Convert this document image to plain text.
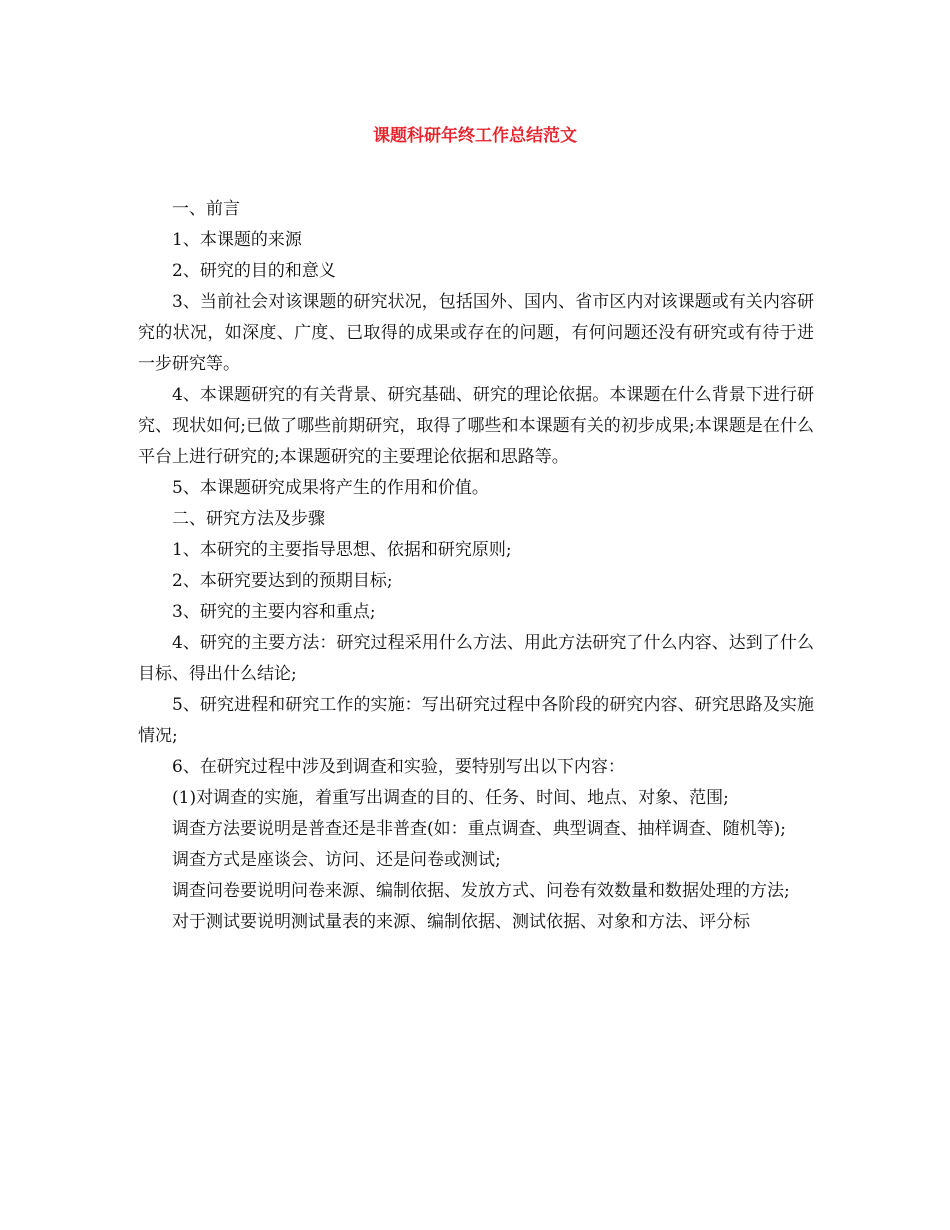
课题科研年终工作总结范文

一、前言

1、本课题的来源

2、研究的目的和意义

3、当前社会对该课题的研究状况，包括国外、国内、省市区内对该课题或有关内容研究的状况，如深度、广度、已取得的成果或存在的问题，有何问题还没有研究或有待于进一步研究等。

4、本课题研究的有关背景、研究基础、研究的理论依据。本课题在什么背景下进行研究、现状如何;已做了哪些前期研究，取得了哪些和本课题有关的初步成果;本课题是在什么平台上进行研究的;本课题研究的主要理论依据和思路等。

5、本课题研究成果将产生的作用和价值。

二、研究方法及步骤

1、本研究的主要指导思想、依据和研究原则;

2、本研究要达到的预期目标;

3、研究的主要内容和重点;

4、研究的主要方法：研究过程采用什么方法、用此方法研究了什么内容、达到了什么目标、得出什么结论;

5、研究进程和研究工作的实施：写出研究过程中各阶段的研究内容、研究思路及实施情况;

6、在研究过程中涉及到调查和实验，要特别写出以下内容：

(1)对调查的实施，着重写出调查的目的、任务、时间、地点、对象、范围;

调查方法要说明是普查还是非普查(如：重点调查、典型调查、抽样调查、随机等);

调查方式是座谈会、访问、还是问卷或测试;

调查问卷要说明问卷来源、编制依据、发放方式、问卷有效数量和数据处理的方法;

对于测试要说明测试量表的来源、编制依据、测试依据、对象和方法、评分标
